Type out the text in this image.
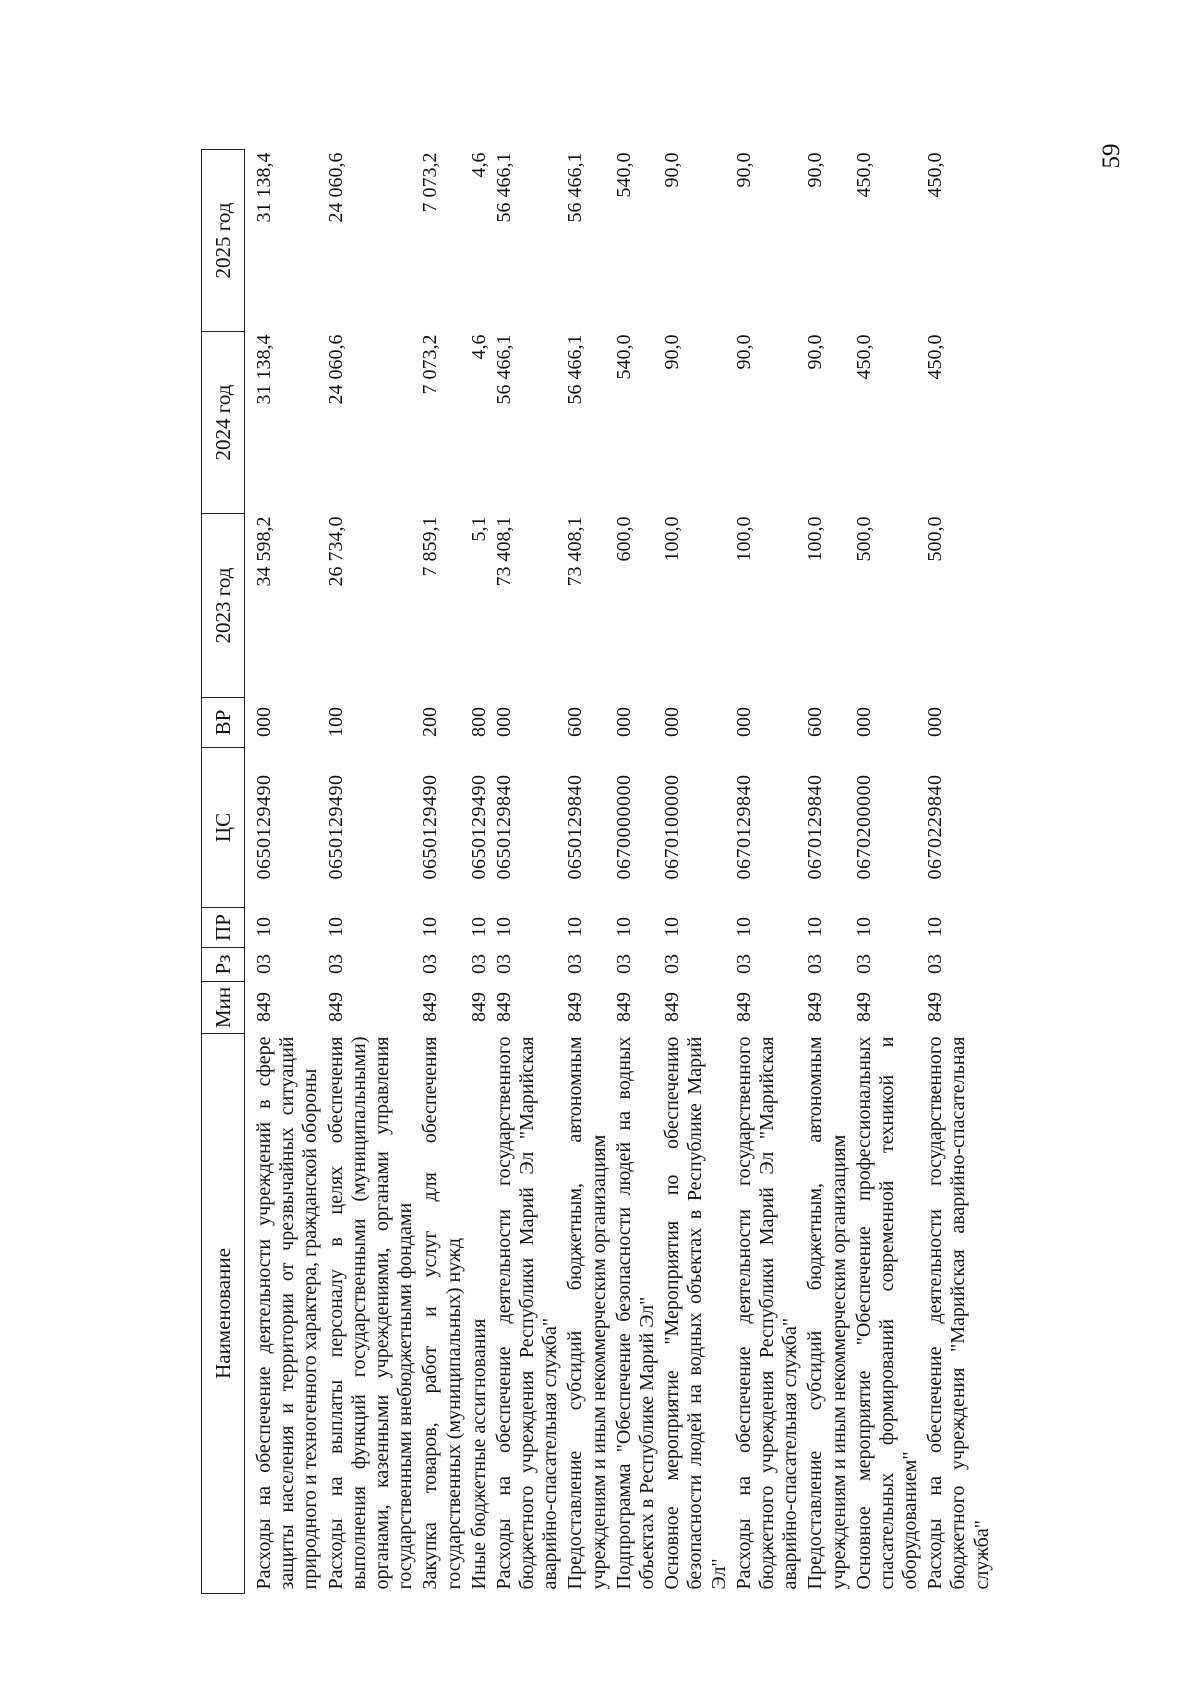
59
Наименование	Мин	Рз	ПР	ЦС	ВР	2023 год	2024 год	2025 год
Расходы на обеспечение деятельности учреждений в сфере защиты населения и территории от чрезвычайных ситуаций природного и техногенного характера, гражданской обороны	849	03	10	0650129490	000	34 598,2	31 138,4	31 138,4
Расходы на выплаты персоналу в целях обеспечения выполнения функций государственными (муниципальными) органами, казенными учреждениями, органами управления государственными внебюджетными фондами	849	03	10	0650129490	100	26 734,0	24 060,6	24 060,6
Закупка товаров, работ и услуг для обеспечения государственных (муниципальных) нужд	849	03	10	0650129490	200	7 859,1	7 073,2	7 073,2
Иные бюджетные ассигнования	849	03	10	0650129490	800	5,1	4,6	4,6
Расходы на обеспечение деятельности государственного бюджетного учреждения Республики Марий Эл "Марийская аварийно-спасательная служба"	849	03	10	0650129840	000	73 408,1	56 466,1	56 466,1
Предоставление субсидий бюджетным, автономным учреждениям и иным некоммерческим организациям	849	03	10	0650129840	600	73 408,1	56 466,1	56 466,1
Подпрограмма "Обеспечение безопасности людей на водных объектах в Республике Марий Эл"	849	03	10	0670000000	000	600,0	540,0	540,0
Основное мероприятие "Мероприятия по обеспечению безопасности людей на водных объектах в Республике Марий Эл"	849	03	10	0670100000	000	100,0	90,0	90,0
Расходы на обеспечение деятельности государственного бюджетного учреждения Республики Марий Эл "Марийская аварийно-спасательная служба"	849	03	10	0670129840	000	100,0	90,0	90,0
Предоставление субсидий бюджетным, автономным учреждениям и иным некоммерческим организациям	849	03	10	0670129840	600	100,0	90,0	90,0
Основное мероприятие "Обеспечение профессиональных спасательных формирований современной техникой и оборудованием"	849	03	10	0670200000	000	500,0	450,0	450,0
Расходы на обеспечение деятельности государственного бюджетного учреждения "Марийская аварийно-спасательная служба"	849	03	10	0670229840	000	500,0	450,0	450,0
